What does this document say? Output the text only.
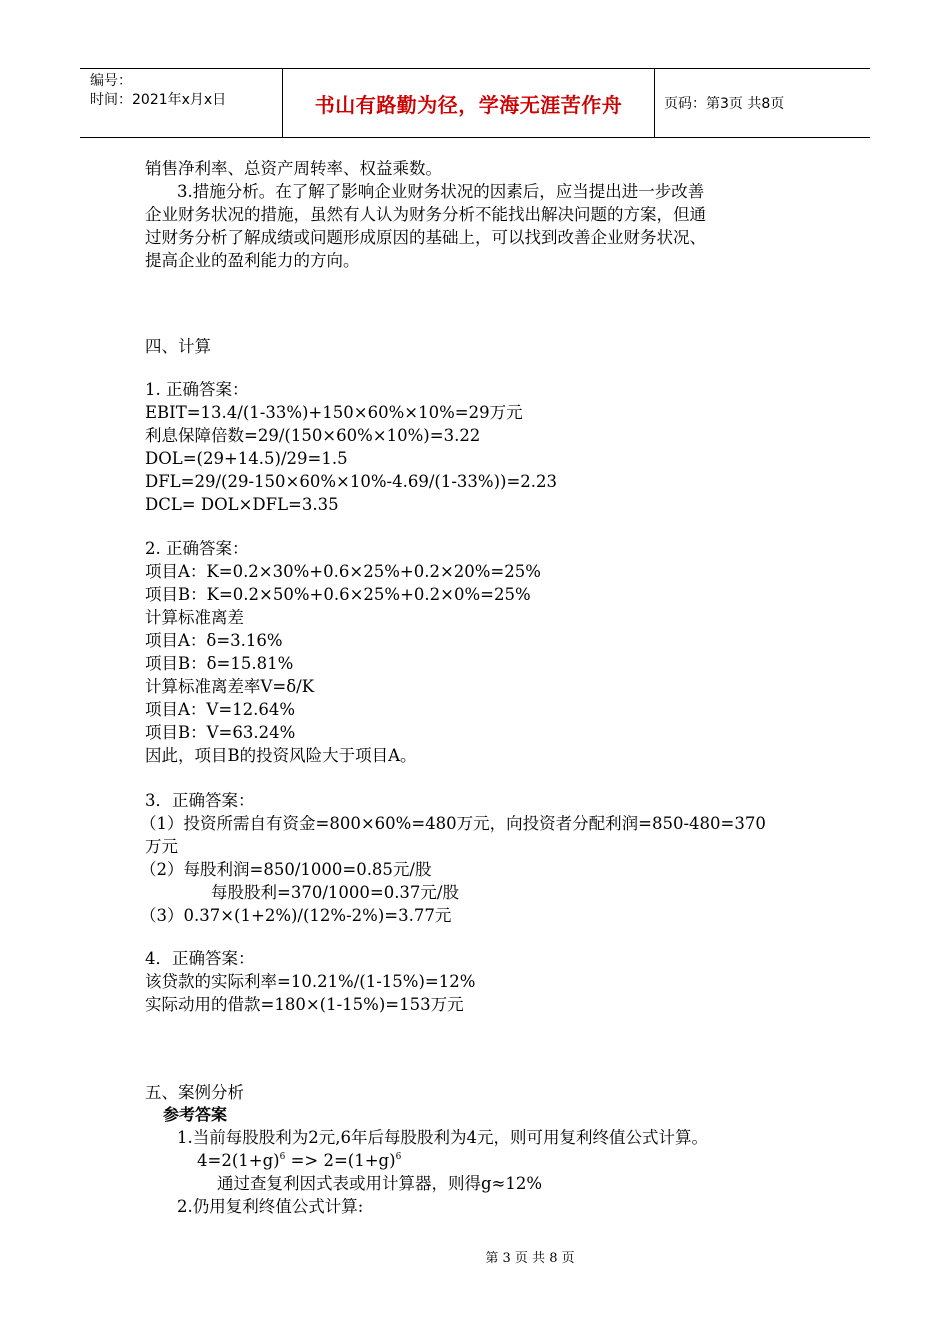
编号：
时间：2021年x月x日	书山有路勤为径，学海无涯苦作舟	页码：第3页 共8页
销售净利率、总资产周转率、权益乘数。
3.措施分析。在了解了影响企业财务状况的因素后，应当提出进一步改善
企业财务状况的措施，虽然有人认为财务分析不能找出解决问题的方案，但通
过财务分析了解成绩或问题形成原因的基础上，可以找到改善企业财务状况、
提高企业的盈利能力的方向。
四、计算
1. 正确答案：
EBIT=13.4/(1-33%)+150×60%×10%=29万元
利息保障倍数=29/(150×60%×10%)=3.22
DOL=(29+14.5)/29=1.5
DFL=29/(29-150×60%×10%-4.69/(1-33%))=2.23
DCL= DOL×DFL=3.35
2. 正确答案：
项目A：K=0.2×30%+0.6×25%+0.2×20%=25%
项目B：K=0.2×50%+0.6×25%+0.2×0%=25%
计算标准离差
项目A：δ=3.16%
项目B：δ=15.81%
计算标准离差率V=δ/K
项目A：V=12.64%
项目B：V=63.24%
因此，项目B的投资风险大于项目A。
3．正确答案：
（1）投资所需自有资金=800×60%=480万元，向投资者分配利润=850-480=370
万元
（2）每股利润=850/1000=0.85元/股
每股股利=370/1000=0.37元/股
（3）0.37×(1+2%)/(12%-2%)=3.77元
4．正确答案：
该贷款的实际利率=10.21%/(1-15%)=12%
实际动用的借款=180×(1-15%)=153万元
五、案例分析
参考答案
1.当前每股股利为2元,6年后每股股利为4元，则可用复利终值公式计算。
$4=2(1+g)^6 => 2=(1+g)^6$
通过查复利因式表或用计算器，则得g≈12%
2.仍用复利终值公式计算:
第 3 页 共 8 页
